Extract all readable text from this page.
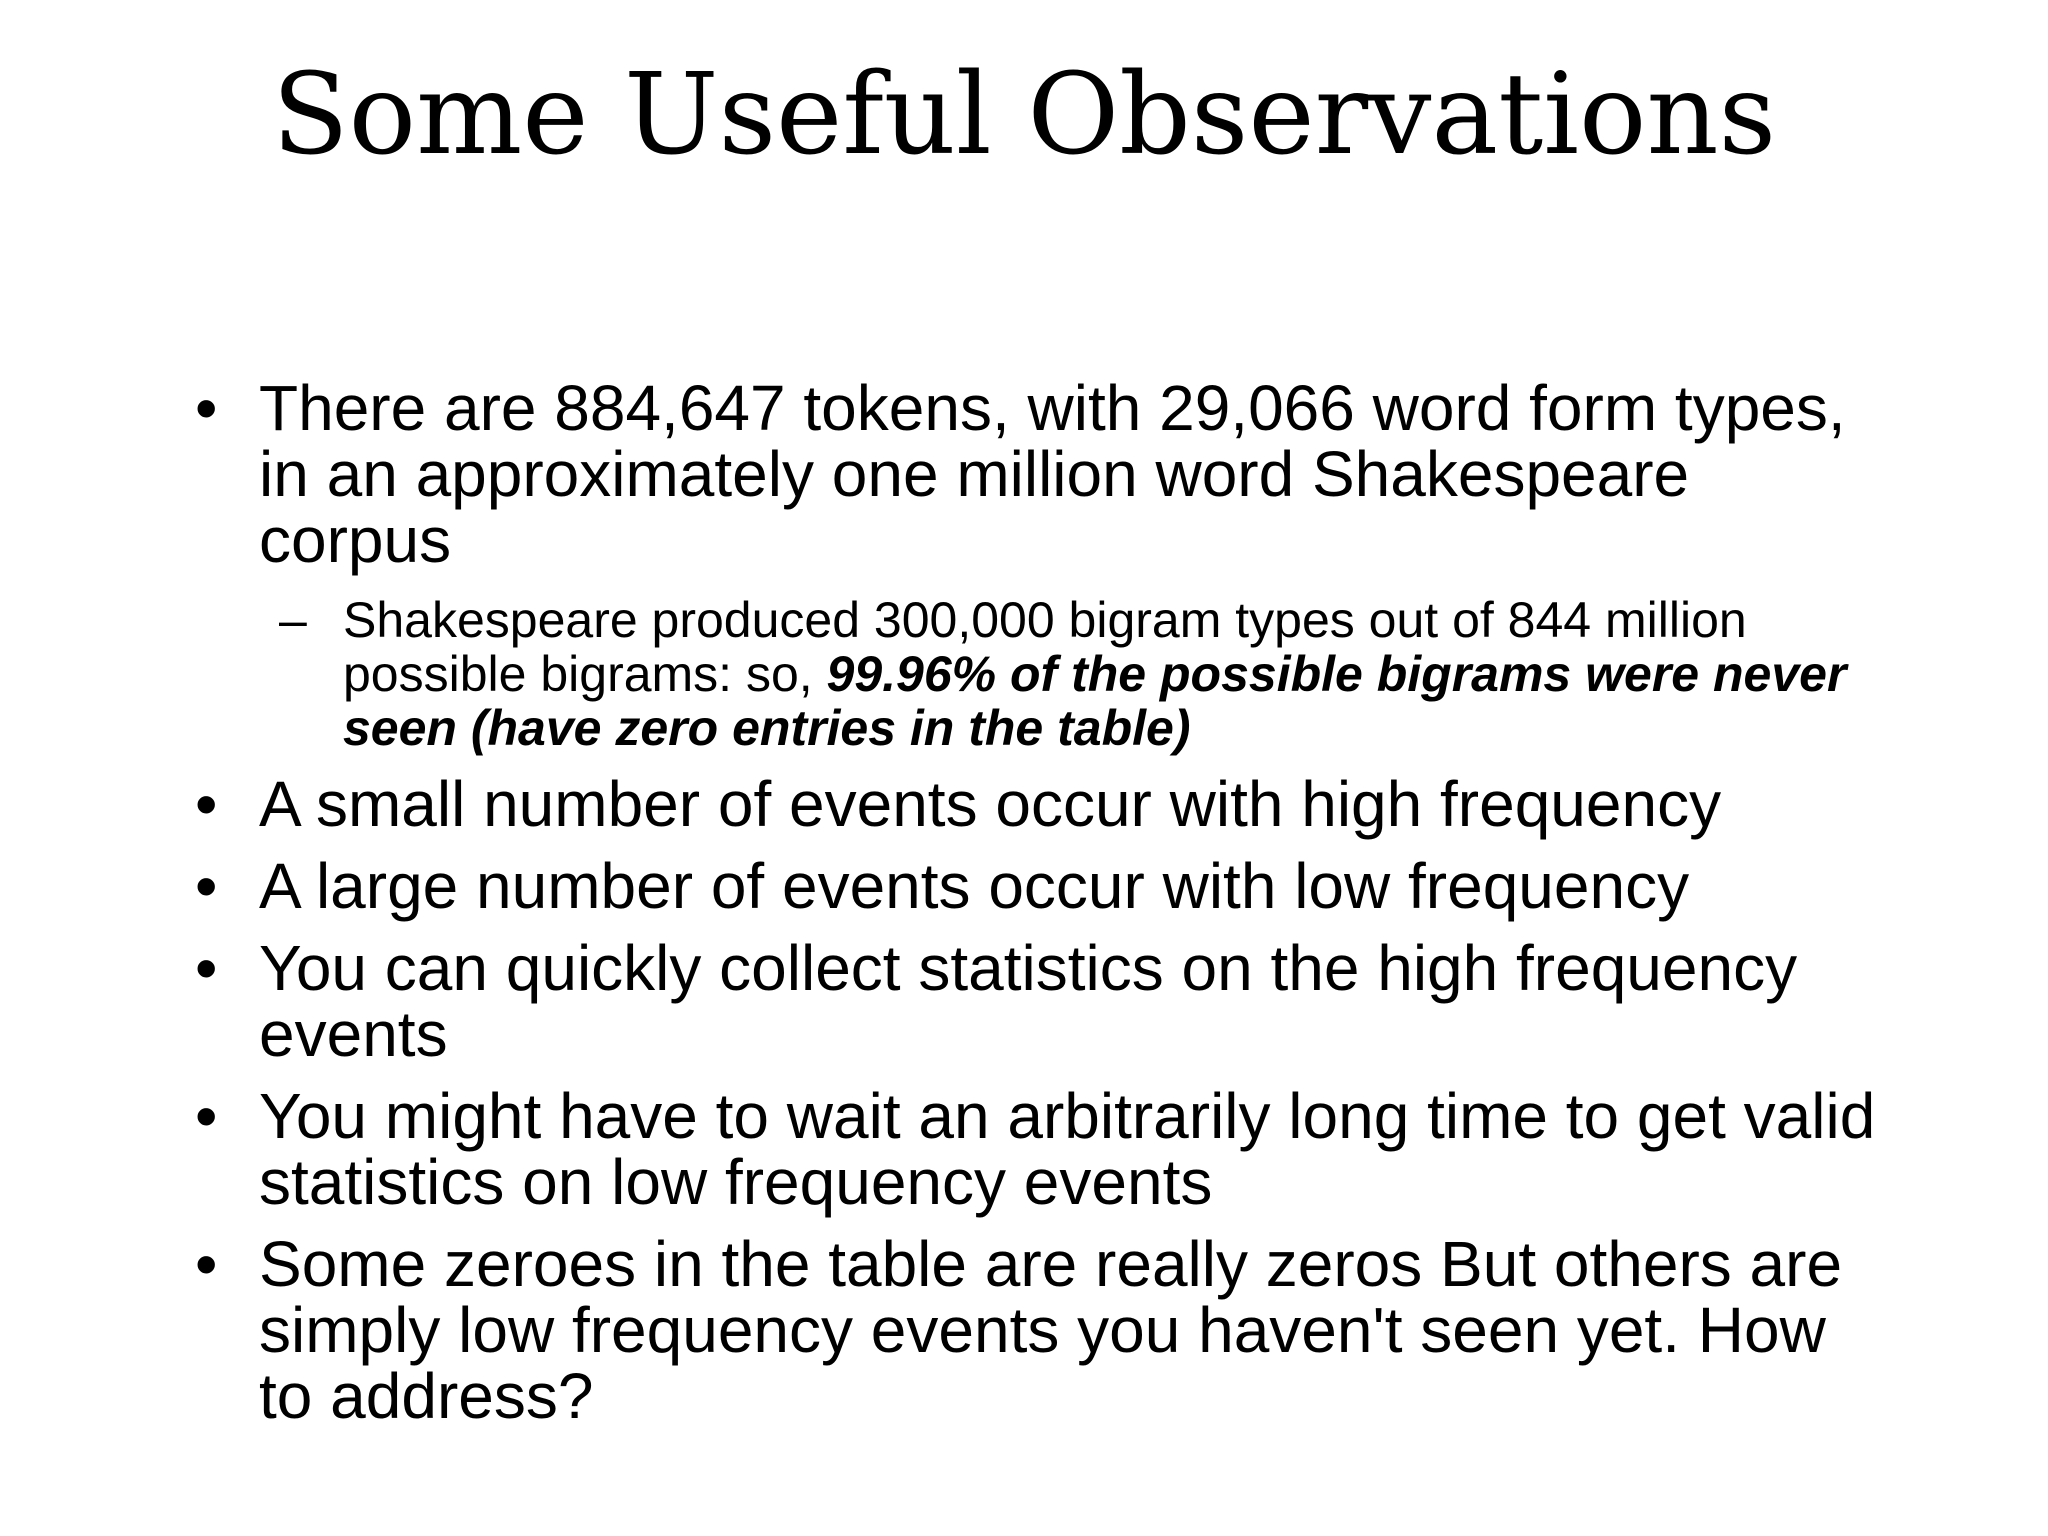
Some Useful Observations
• There are 884,647 tokens, with 29,066 word form types, in an approximately one million word Shakespeare corpus
– Shakespeare produced 300,000 bigram types out of 844 million possible bigrams: so, 99.96% of the possible bigrams were never seen (have zero entries in the table)
• A small number of events occur with high frequency
• A large number of events occur with low frequency
• You can quickly collect statistics on the high frequency events
• You might have to wait an arbitrarily long time to get valid statistics on low frequency events
• Some zeroes in the table are really zeros But others are simply low frequency events you haven't seen yet. How to address?
